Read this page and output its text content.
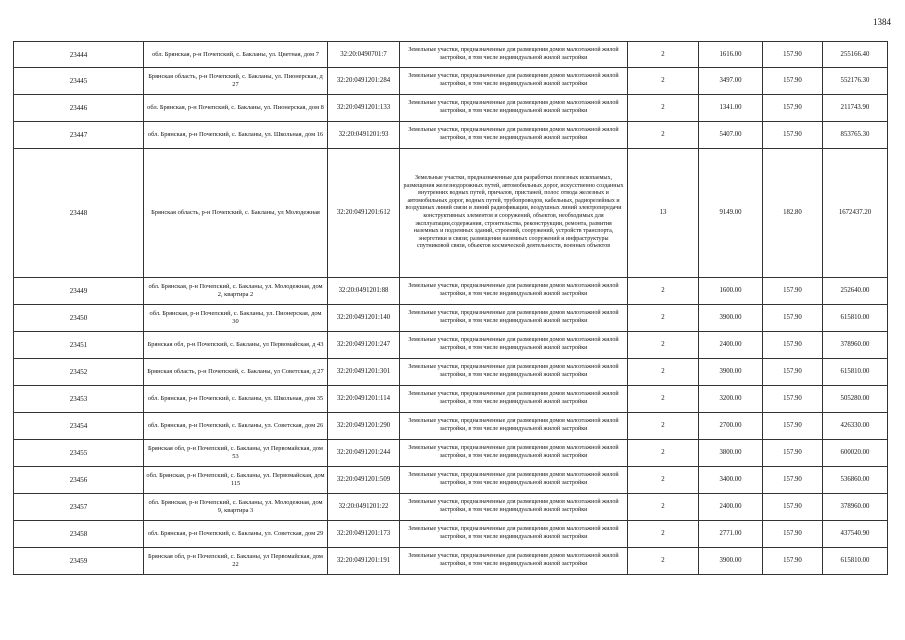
1384
23444	обл. Брянская, р-н Почепский, с. Бакланы, ул. Цветная, дом 7	32:20:0490701:7	Земельные участки, предназначенные для размещения домов малоэтажной жилой застройки, в том числе индивидуальной жилой застройки	2	1616.00	157.90	255166.40
23445	Брянская область, р-н Почепский, с. Бакланы, ул. Пионерская, д 27	32:20:0491201:284	Земельные участки, предназначенные для размещения домов малоэтажной жилой застройки, в том числе индивидуальной жилой застройки	2	3497.00	157.90	552176.30
23446	обл. Брянская, р-н Почепский, с. Бакланы, ул. Пионерская, дом 8	32:20:0491201:133	Земельные участки, предназначенные для размещения домов малоэтажной жилой застройки, в том числе индивидуальной жилой застройки	2	1341.00	157.90	211743.90
23447	обл. Брянская, р-н Почепский, с. Бакланы, ул. Школьная, дом 16	32:20:0491201:93	Земельные участки, предназначенные для размещения домов малоэтажной жилой застройки, в том числе индивидуальной жилой застройки	2	5407.00	157.90	853765.30
23448	Брянская область, р-н Почепский, с. Бакланы, ул Молодежная	32:20:0491201:612	Земельные участки, предназначенные для разработки полезных ископаемых, размещения железнодорожных путей, автомобильных дорог, искусственно созданных внутренних водных путей, причалов, пристаней, полос отвода железных и автомобильных дорог, водных путей, трубопроводов, кабельных, радиорелейных и воздушных линий связи и линий радиофикации, воздушных линий электропередачи конструктивных элементов и сооружений, объектов, необходимых для эксплуатации,содержания, строительства, реконструкции, ремонта, развития наземных и подземных зданий, строений, сооружений, устройств транспорта, энергетики и связи; размещения наземных сооружений и инфраструктуры спутниковой связи, объектов космической деятельности, военных объектов	13	9149.00	182.80	1672437.20
23449	обл. Брянская, р-н Почепский, с. Бакланы, ул. Молодежная, дом 2, квартира 2	32:20:0491201:88	Земельные участки, предназначенные для размещения домов малоэтажной жилой застройки, в том числе индивидуальной жилой застройки	2	1600.00	157.90	252640.00
23450	обл. Брянская, р-н Почепский, с. Бакланы, ул. Пионерская, дом 30	32:20:0491201:140	Земельные участки, предназначенные для размещения домов малоэтажной жилой застройки, в том числе индивидуальной жилой застройки	2	3900.00	157.90	615810.00
23451	Брянская обл, р-н Почепский, с. Бакланы, ул Первомайская, д 43	32:20:0491201:247	Земельные участки, предназначенные для размещения домов малоэтажной жилой застройки, в том числе индивидуальной жилой застройки	2	2400.00	157.90	378960.00
23452	Брянская область, р-н Почепский, с. Бакланы, ул Советская, д 27	32:20:0491201:301	Земельные участки, предназначенные для размещения домов малоэтажной жилой застройки, в том числе индивидуальной жилой застройки	2	3900.00	157.90	615810.00
23453	обл. Брянская, р-н Почепский, с. Бакланы, ул. Школьная, дом 35	32:20:0491201:114	Земельные участки, предназначенные для размещения домов малоэтажной жилой застройки, в том числе индивидуальной жилой застройки	2	3200.00	157.90	505280.00
23454	обл. Брянская, р-н Почепский, с. Бакланы, ул. Советская, дом 26	32:20:0491201:290	Земельные участки, предназначенные для размещения домов малоэтажной жилой застройки, в том числе индивидуальной жилой застройки	2	2700.00	157.90	426330.00
23455	Брянская обл, р-н Почепский, с. Бакланы, ул Первомайская, дом 53	32:20:0491201:244	Земельные участки, предназначенные для размещения домов малоэтажной жилой застройки, в том числе индивидуальной жилой застройки	2	3800.00	157.90	600020.00
23456	обл. Брянская, р-н Почепский, с. Бакланы, ул. Первомайская, дом 115	32:20:0491201:509	Земельные участки, предназначенные для размещения домов малоэтажной жилой застройки, в том числе индивидуальной жилой застройки	2	3400.00	157.90	536860.00
23457	обл. Брянская, р-н Почепский, с. Бакланы, ул. Молодежная, дом 9, квартира 3	32:20:0491201:22	Земельные участки, предназначенные для размещения домов малоэтажной жилой застройки, в том числе индивидуальной жилой застройки	2	2400.00	157.90	378960.00
23458	обл. Брянская, р-н Почепский, с. Бакланы, ул. Советская, дом 29	32:20:0491201:173	Земельные участки, предназначенные для размещения домов малоэтажной жилой застройки, в том числе индивидуальной жилой застройки	2	2771.00	157.90	437540.90
23459	Брянская обл, р-н Почепский, с. Бакланы, ул Первомайская, дом 22	32:20:0491201:191	Земельные участки, предназначенные для размещения домов малоэтажной жилой застройки, в том числе индивидуальной жилой застройки	2	3900.00	157.90	615810.00
